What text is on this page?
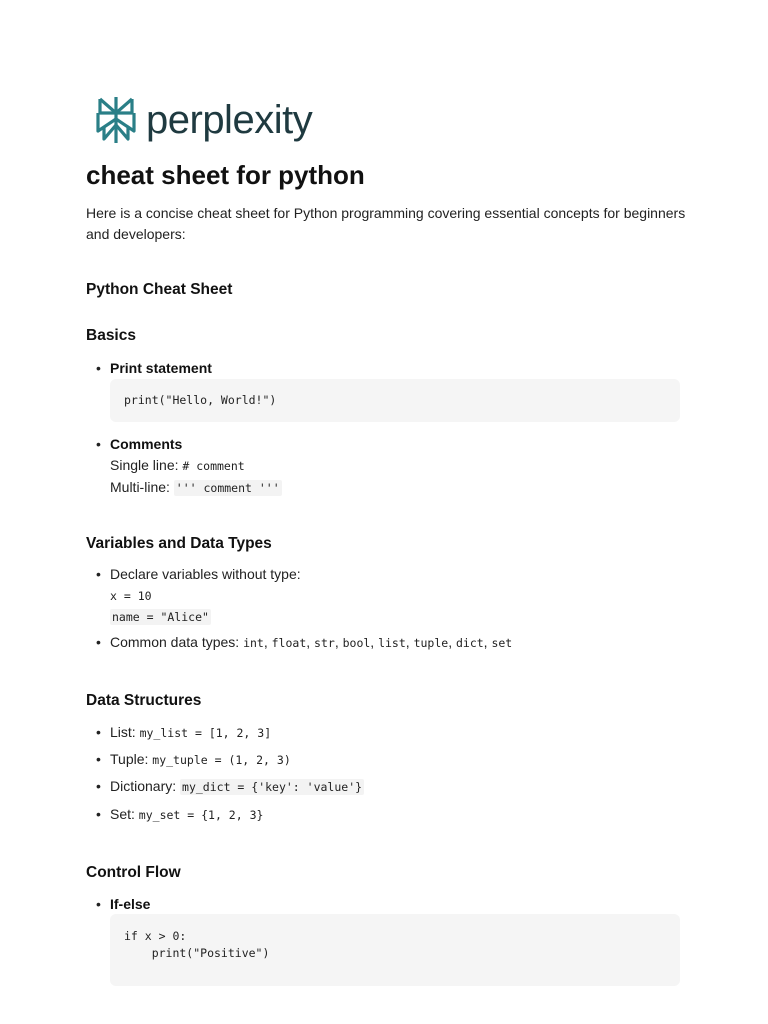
perplexity
cheat sheet for python

Here is a concise cheat sheet for Python programming covering essential concepts for beginners and developers:

Python Cheat Sheet
Basics
• Print statement
print("Hello, World!")
• Comments
Single line: # comment
Multi-line: ''' comment '''
Variables and Data Types
• Declare variables without type:
x = 10
name = "Alice"
• Common data types: int, float, str, bool, list, tuple, dict, set
Data Structures
• List: my_list = [1, 2, 3]
• Tuple: my_tuple = (1, 2, 3)
• Dictionary: my_dict = {'key': 'value'}
• Set: my_set = {1, 2, 3}
Control Flow
• If-else
if x > 0:
print("Positive")
